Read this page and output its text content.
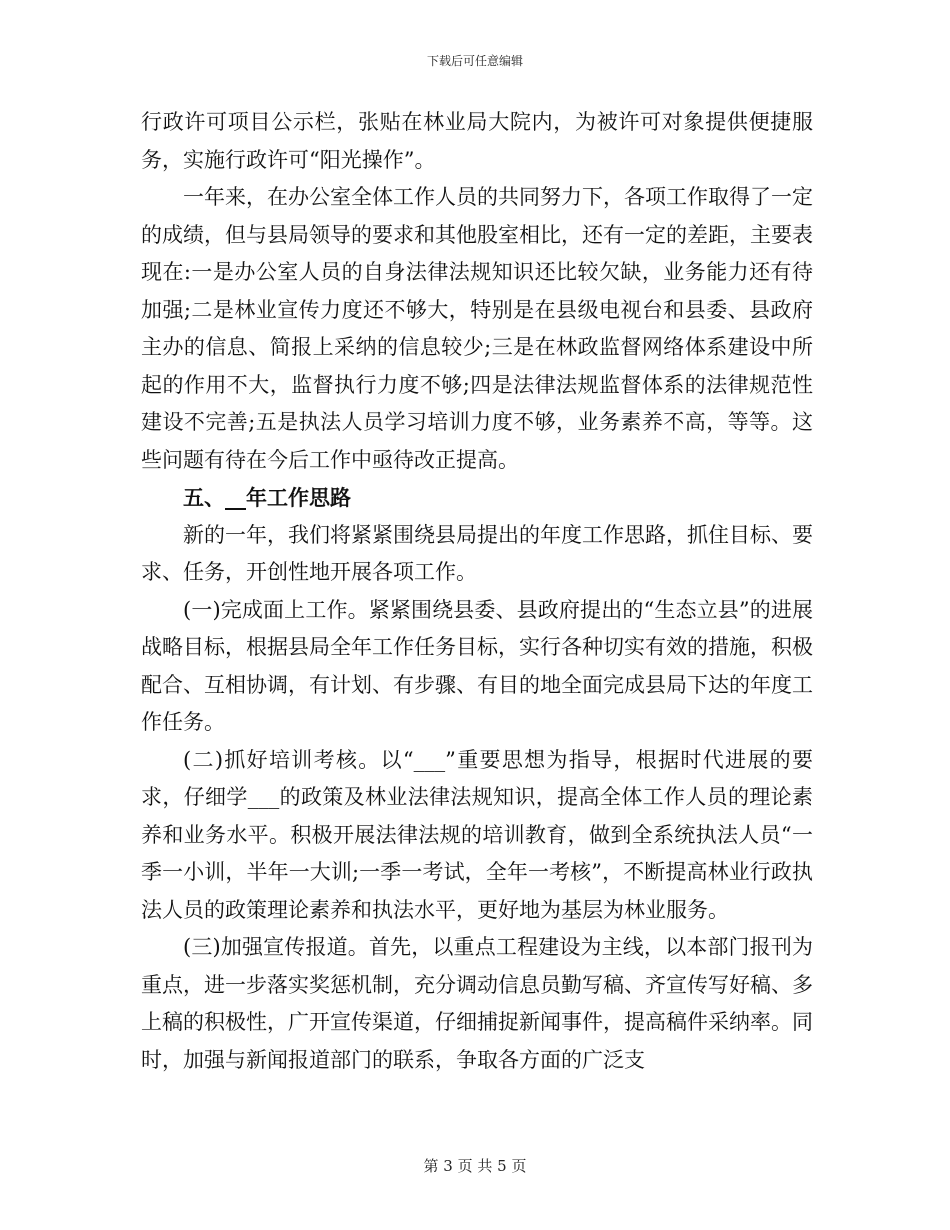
下载后可任意编辑

行政许可项目公示栏，张贴在林业局大院内，为被许可对象提供便捷服务，实施行政许可“阳光操作”。

一年来，在办公室全体工作人员的共同努力下，各项工作取得了一定的成绩，但与县局领导的要求和其他股室相比，还有一定的差距，主要表现在:一是办公室人员的自身法律法规知识还比较欠缺，业务能力还有待加强;二是林业宣传力度还不够大，特别是在县级电视台和县委、县政府主办的信息、简报上采纳的信息较少;三是在林政监督网络体系建设中所起的作用不大，监督执行力度不够;四是法律法规监督体系的法律规范性建设不完善;五是执法人员学习培训力度不够，业务素养不高，等等。这些问题有待在今后工作中亟待改正提高。

五、__年工作思路

新的一年，我们将紧紧围绕县局提出的年度工作思路，抓住目标、要求、任务，开创性地开展各项工作。

(一)完成面上工作。紧紧围绕县委、县政府提出的“生态立县”的进展战略目标，根据县局全年工作任务目标，实行各种切实有效的措施，积极配合、互相协调，有计划、有步骤、有目的地全面完成县局下达的年度工作任务。

(二)抓好培训考核。以“___”重要思想为指导，根据时代进展的要求，仔细学___的政策及林业法律法规知识，提高全体工作人员的理论素养和业务水平。积极开展法律法规的培训教育，做到全系统执法人员“一季一小训，半年一大训;一季一考试，全年一考核”，不断提高林业行政执法人员的政策理论素养和执法水平，更好地为基层为林业服务。

(三)加强宣传报道。首先，以重点工程建设为主线，以本部门报刊为重点，进一步落实奖惩机制，充分调动信息员勤写稿、齐宣传写好稿、多上稿的积极性，广开宣传渠道，仔细捕捉新闻事件，提高稿件采纳率。同时，加强与新闻报道部门的联系，争取各方面的广泛支

第 3 页 共 5 页
